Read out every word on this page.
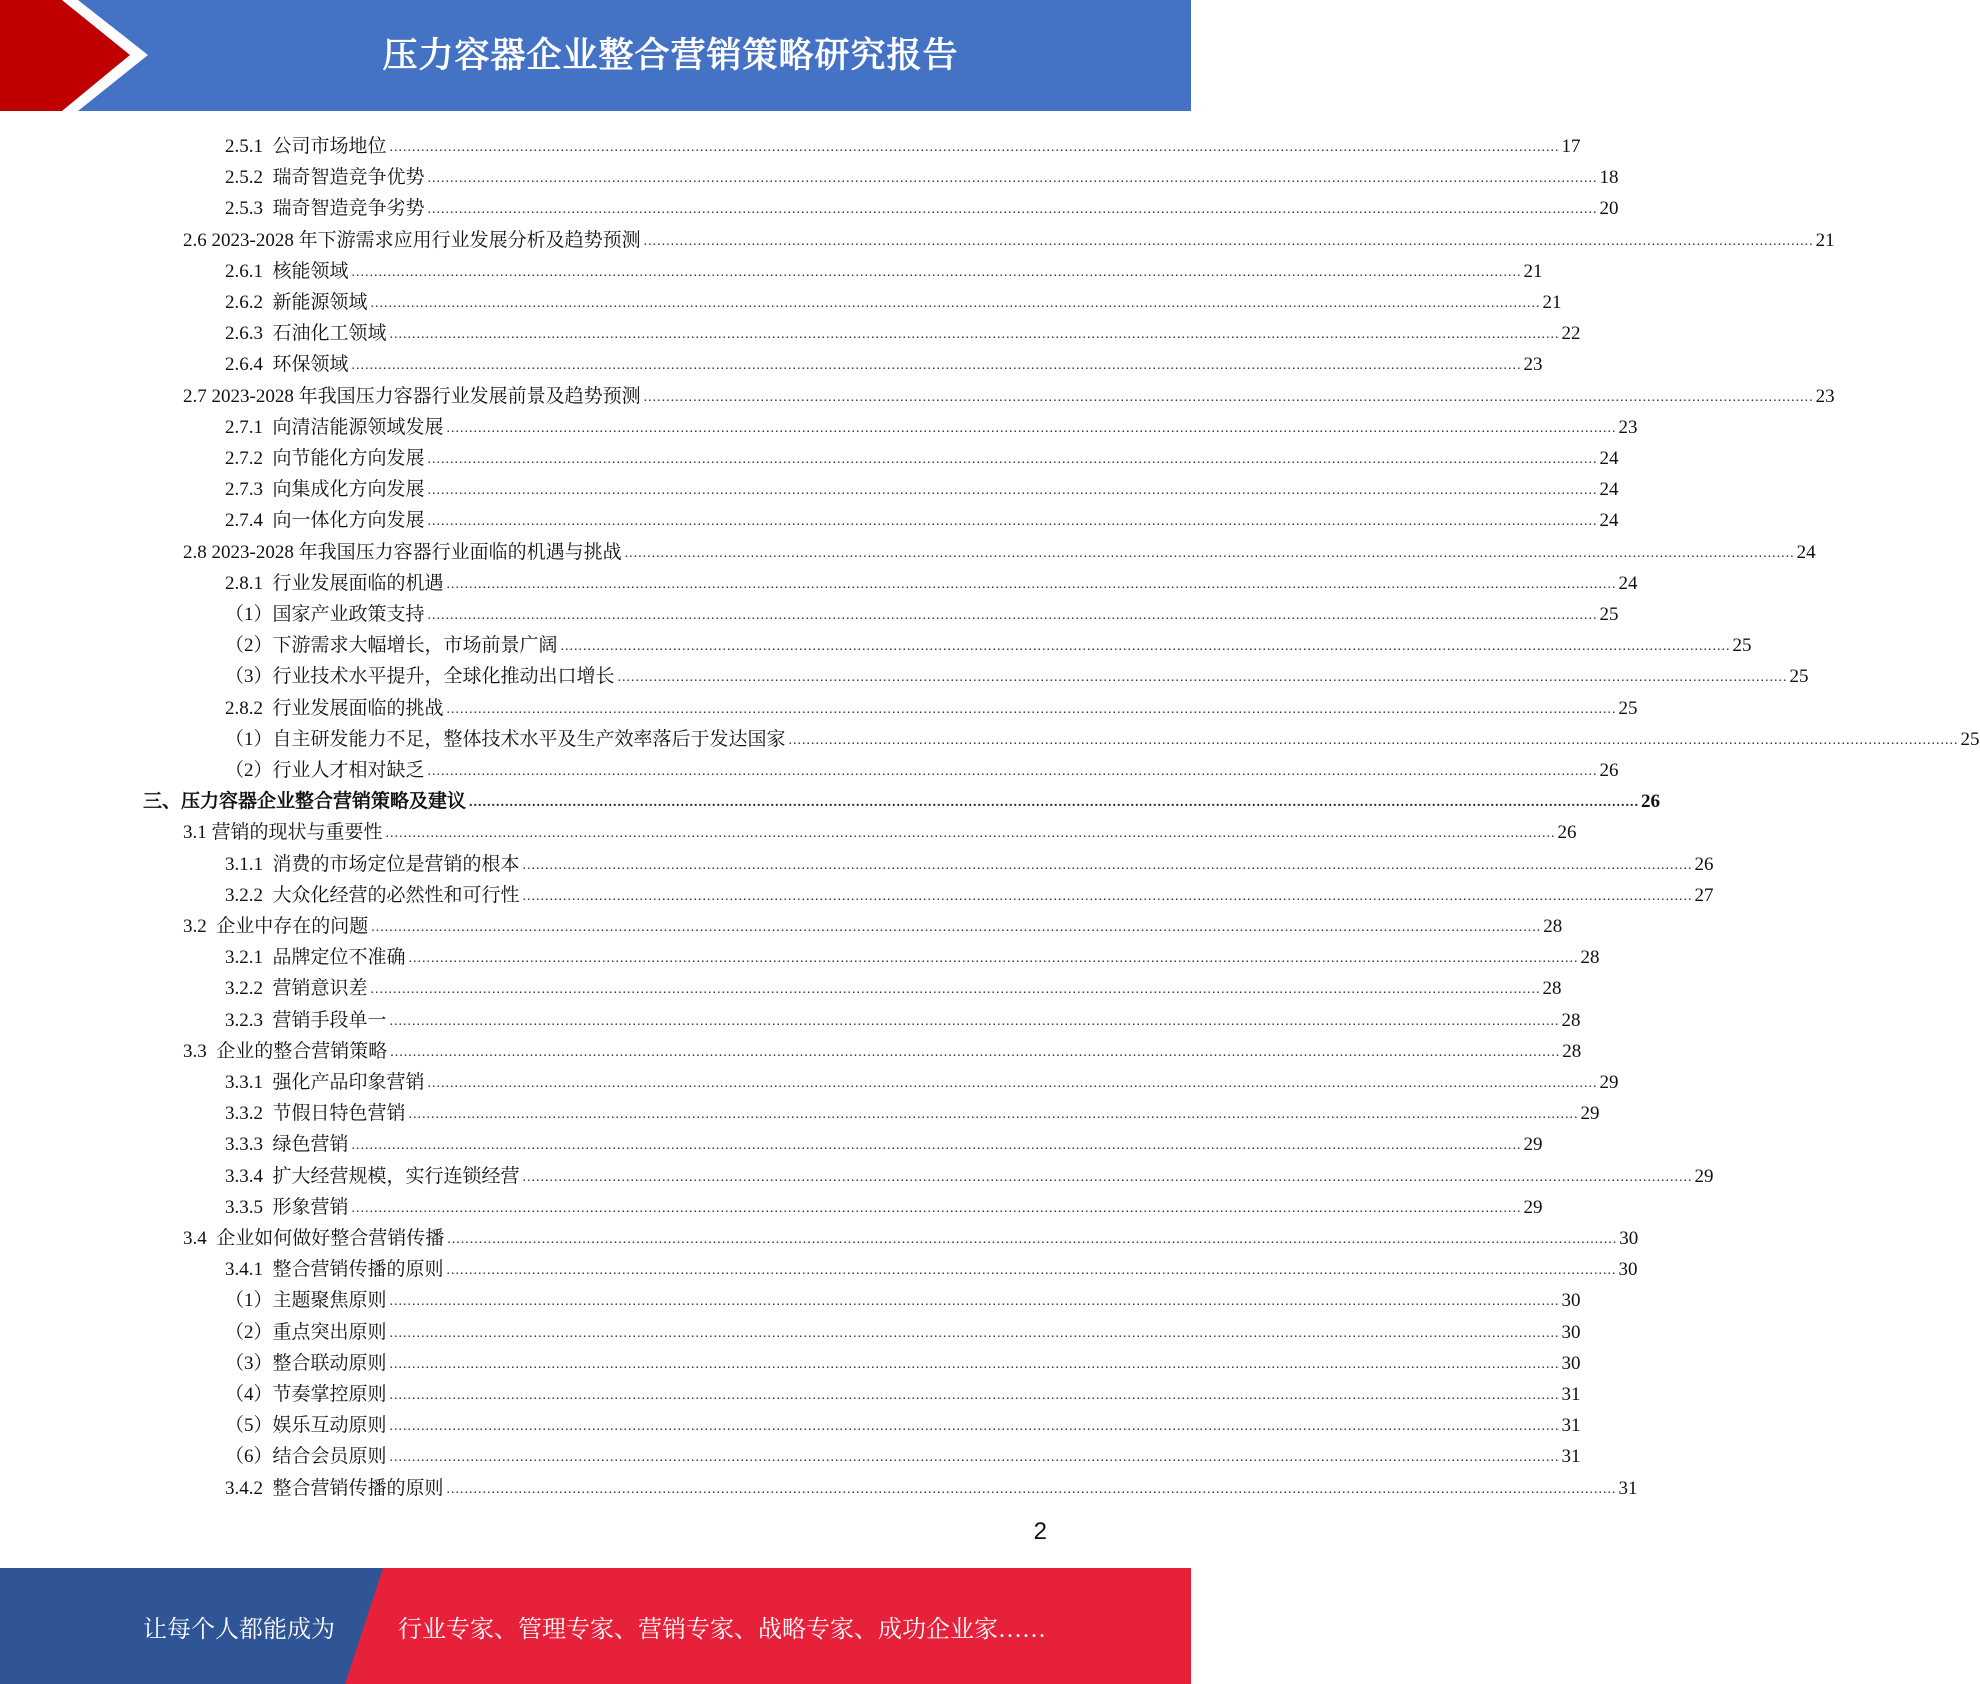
压力容器企业整合营销策略研究报告
2.5.1  公司市场地位 .................................................................................................................................................................................................................................................................... 17
2.5.2  瑞奇智造竞争优势 .................................................................................................................................................................................................................................................................... 18
2.5.3  瑞奇智造竞争劣势 .................................................................................................................................................................................................................................................................... 20
2.6 2023-2028 年下游需求应用行业发展分析及趋势预测 .................................................................................................................................................................................................................................................................... 21
2.6.1  核能领域 .................................................................................................................................................................................................................................................................... 21
2.6.2  新能源领域 .................................................................................................................................................................................................................................................................... 21
2.6.3  石油化工领域 .................................................................................................................................................................................................................................................................... 22
2.6.4  环保领域 .................................................................................................................................................................................................................................................................... 23
2.7 2023-2028 年我国压力容器行业发展前景及趋势预测 .................................................................................................................................................................................................................................................................... 23
2.7.1  向清洁能源领域发展 .................................................................................................................................................................................................................................................................... 23
2.7.2  向节能化方向发展 .................................................................................................................................................................................................................................................................... 24
2.7.3  向集成化方向发展 .................................................................................................................................................................................................................................................................... 24
2.7.4  向一体化方向发展 .................................................................................................................................................................................................................................................................... 24
2.8 2023-2028 年我国压力容器行业面临的机遇与挑战 .................................................................................................................................................................................................................................................................... 24
2.8.1  行业发展面临的机遇 .................................................................................................................................................................................................................................................................... 24
（1）国家产业政策支持 .................................................................................................................................................................................................................................................................... 25
（2）下游需求大幅增长，市场前景广阔 .................................................................................................................................................................................................................................................................... 25
（3）行业技术水平提升，全球化推动出口增长 .................................................................................................................................................................................................................................................................... 25
2.8.2  行业发展面临的挑战 .................................................................................................................................................................................................................................................................... 25
（1）自主研发能力不足，整体技术水平及生产效率落后于发达国家 .................................................................................................................................................................................................................................................................... 25
（2）行业人才相对缺乏 .................................................................................................................................................................................................................................................................... 26
三、压力容器企业整合营销策略及建议 .................................................................................................................................................................................................................................................................... 26
3.1 营销的现状与重要性 .................................................................................................................................................................................................................................................................... 26
3.1.1  消费的市场定位是营销的根本 .................................................................................................................................................................................................................................................................... 26
3.2.2  大众化经营的必然性和可行性 .................................................................................................................................................................................................................................................................... 27
3.2  企业中存在的问题 .................................................................................................................................................................................................................................................................... 28
3.2.1  品牌定位不准确 .................................................................................................................................................................................................................................................................... 28
3.2.2  营销意识差 .................................................................................................................................................................................................................................................................... 28
3.2.3  营销手段单一 .................................................................................................................................................................................................................................................................... 28
3.3  企业的整合营销策略 .................................................................................................................................................................................................................................................................... 28
3.3.1  强化产品印象营销 .................................................................................................................................................................................................................................................................... 29
3.3.2  节假日特色营销 .................................................................................................................................................................................................................................................................... 29
3.3.3  绿色营销 .................................................................................................................................................................................................................................................................... 29
3.3.4  扩大经营规模，实行连锁经营 .................................................................................................................................................................................................................................................................... 29
3.3.5  形象营销 .................................................................................................................................................................................................................................................................... 29
3.4  企业如何做好整合营销传播 .................................................................................................................................................................................................................................................................... 30
3.4.1  整合营销传播的原则 .................................................................................................................................................................................................................................................................... 30
（1）主题聚焦原则 .................................................................................................................................................................................................................................................................... 30
（2）重点突出原则 .................................................................................................................................................................................................................................................................... 30
（3）整合联动原则 .................................................................................................................................................................................................................................................................... 30
（4）节奏掌控原则 .................................................................................................................................................................................................................................................................... 31
（5）娱乐互动原则 .................................................................................................................................................................................................................................................................... 31
（6）结合会员原则 .................................................................................................................................................................................................................................................................... 31
3.4.2  整合营销传播的原则 .................................................................................................................................................................................................................................................................... 31
2
让每个人都能成为	行业专家、管理专家、营销专家、战略专家、成功企业家……
